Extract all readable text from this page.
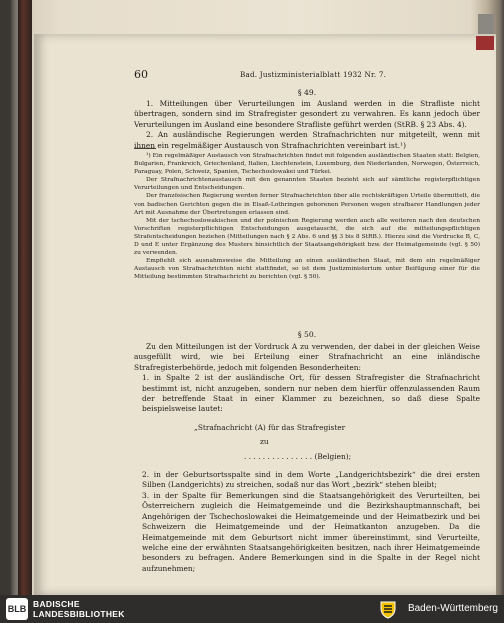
60	Bad. Justizministerialblatt 1932 Nr. 7.
§ 49.

1. Mitteilungen über Verurteilungen im Ausland werden in die Strafliste nicht übertragen, sondern sind im Strafregister gesondert zu verwahren. Es kann jedoch über Verurteilungen im Ausland eine besondere Strafliste geführt werden (StRB. § 23 Abs. 4).

2. An ausländische Regierungen werden Strafnachrichten nur mitgeteilt, wenn mit ihnen ein regelmäßiger Austausch von Strafnachrichten vereinbart ist.¹)

¹) Ein regelmäßiger Austausch von Strafnachrichten findet mit folgenden ausländischen Staaten statt: Belgien, Bulgarien, Frankreich, Griechenland, Italien, Liechtenstein, Luxemburg, den Niederlanden, Norwegen, Österreich, Paraguay, Polen, Schweiz, Spanien, Tschechoslowakei und Türkei.

Der Strafnachrichtenaustausch mit den genannten Staaten bezieht sich auf sämtliche registerpflichtigen Verurteilungen und Entscheidungen.

Der französischen Regierung werden ferner Strafnachrichten über alle rechtskräftigen Urteile übermittelt, die von badischen Gerichten gegen die in Elsaß-Lothringen geborenen Personen wegen strafbarer Handlungen jeder Art mit Ausnahme der Übertretungen erlassen sind.

Mit der tschechoslowakischen und der polnischen Regierung werden auch alle weiteren nach den deutschen Vorschriften registerpflichtigen Entscheidungen ausgetauscht, die sich auf die mitteilungspflichtigen Strafentscheidungen beziehen (Mitteilungen nach § 2 Abs. 6 und §§ 3 bis 8 StRB.). Hierzu sind die Vordrucke B, C, D und E unter Ergänzung des Musters hinsichtlich der Staatsangehörigkeit bzw. der Heimatgemeinde (vgl. § 50) zu verwenden.

Empfiehlt sich ausnahmsweise die Mitteilung an einen ausländischen Staat, mit dem ein regelmäßiger Austausch von Strafnachrichten nicht stattfindet, so ist dem Justizministerium unter Beifügung einer für die Mitteilung bestimmten Strafnachricht zu berichten (vgl. § 50).

§ 50.

Zu den Mitteilungen ist der Vordruck A zu verwenden, der dabei in der gleichen Weise ausgefüllt wird, wie bei Erteilung einer Strafnachricht an eine inländische Strafregisterbehörde, jedoch mit folgenden Besonderheiten:

1. in Spalte 2 ist der ausländische Ort, für dessen Strafregister die Strafnachricht bestimmt ist, nicht anzugeben, sondern nur neben dem hierfür offenzulassenden Raum der betreffende Staat in einer Klammer zu bezeichnen, so daß diese Spalte beispielsweise lautet:

„Strafnachricht (A) für das Strafregister

zu

. . . . . . . . . . . . . . . (Belgien);

2. in der Geburtsortsspalte sind in dem Worte „Landgerichtsbezirk“ die drei ersten Silben (Landgerichts) zu streichen, sodaß nur das Wort „bezirk“ stehen bleibt;

3. in der Spalte für Bemerkungen sind die Staatsangehörigkeit des Verurteilten, bei Österreichern zugleich die Heimatgemeinde und die Bezirkshauptmannschaft, bei Angehörigen der Tschechoslowakei die Heimatgemeinde und der Heimatbezirk und bei Schweizern die Heimatgemeinde und der Heimatkanton anzugeben. Da die Heimatgemeinde mit dem Geburtsort nicht immer übereinstimmt, sind Verurteilte, welche eine der erwähnten Staatsangehörigkeiten besitzen, nach ihrer Heimatgemeinde besonders zu befragen. Andere Bemerkungen sind in die Spalte in der Regel nicht aufzunehmen;

BLB BADISCHE
LANDESBIBLIOTHEK	Baden-Württemberg
